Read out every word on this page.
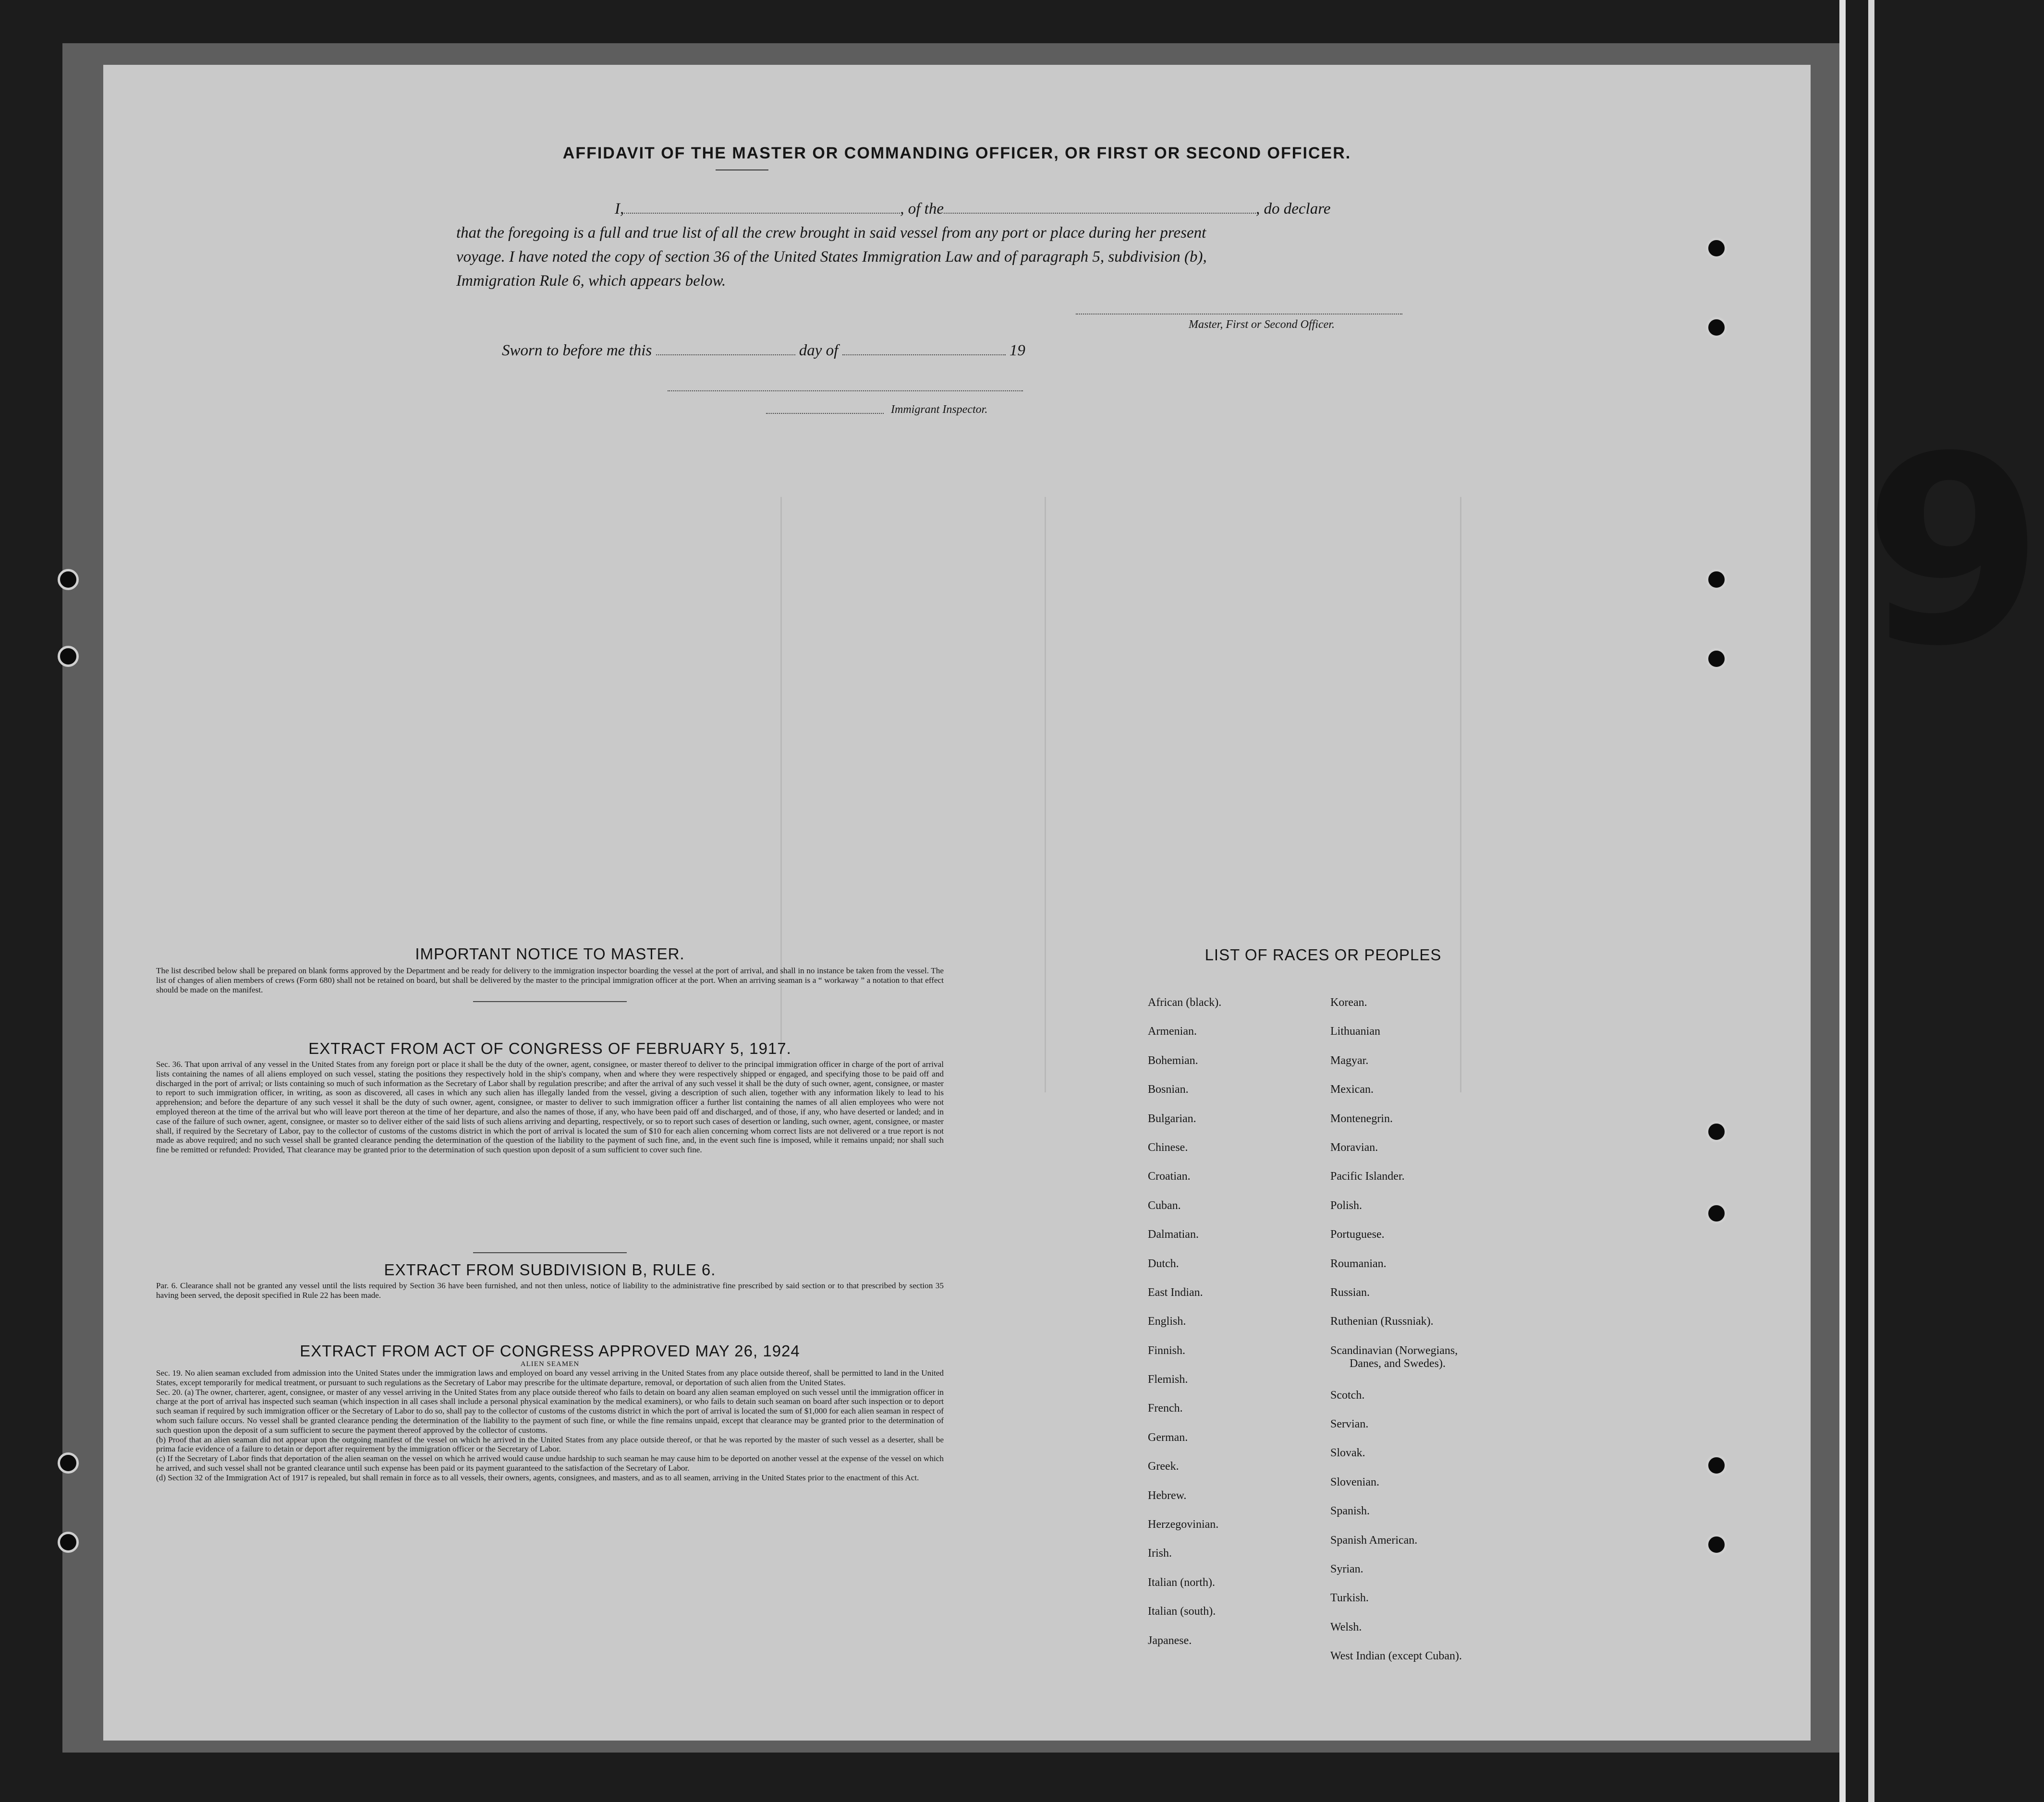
AFFIDAVIT OF THE MASTER OR COMMANDING OFFICER, OR FIRST OR SECOND OFFICER.
I,	, of the	, do declare
that the foregoing is a full and true list of all the crew brought in said vessel from any port or place during her present
voyage. I have noted the copy of section 36 of the United States Immigration Law and of paragraph 5, subdivision (b),
Immigration Rule 6, which appears below.
Master, First or Second Officer.
Sworn to before me this	day of	19
Immigrant Inspector.
IMPORTANT NOTICE TO MASTER.
The list described below shall be prepared on blank forms approved by the Department and be ready for delivery to the immigration inspector boarding the vessel at the port of arrival, and shall in no instance be taken from the vessel. The list of changes of alien members of crews (Form 680) shall not be retained on board, but shall be delivered by the master to the principal immigration officer at the port. When an arriving seaman is a “ workaway ” a notation to that effect should be made on the manifest.
EXTRACT FROM ACT OF CONGRESS OF FEBRUARY 5, 1917.
Sec. 36. That upon arrival of any vessel in the United States from any foreign port or place it shall be the duty of the owner, agent, consignee, or master thereof to deliver to the principal immigration officer in charge of the port of arrival lists containing the names of all aliens employed on such vessel, stating the positions they respectively hold in the ship's company, when and where they were respectively shipped or engaged, and specifying those to be paid off and discharged in the port of arrival; or lists containing so much of such information as the Secretary of Labor shall by regulation prescribe; and after the arrival of any such vessel it shall be the duty of such owner, agent, consignee, or master to report to such immigration officer, in writing, as soon as discovered, all cases in which any such alien has illegally landed from the vessel, giving a description of such alien, together with any information likely to lead to his apprehension; and before the departure of any such vessel it shall be the duty of such owner, agent, consignee, or master to deliver to such immigration officer a further list containing the names of all alien employees who were not employed thereon at the time of the arrival but who will leave port thereon at the time of her departure, and also the names of those, if any, who have been paid off and discharged, and of those, if any, who have deserted or landed; and in case of the failure of such owner, agent, consignee, or master so to deliver either of the said lists of such aliens arriving and departing, respectively, or so to report such cases of desertion or landing, such owner, agent, consignee, or master shall, if required by the Secretary of Labor, pay to the collector of customs of the customs district in which the port of arrival is located the sum of $10 for each alien concerning whom correct lists are not delivered or a true report is not made as above required; and no such vessel shall be granted clearance pending the determination of the question of the liability to the payment of such fine, and, in the event such fine is imposed, while it remains unpaid; nor shall such fine be remitted or refunded: Provided, That clearance may be granted prior to the determination of such question upon deposit of a sum sufficient to cover such fine.
EXTRACT FROM SUBDIVISION B, RULE 6.
Par. 6. Clearance shall not be granted any vessel until the lists required by Section 36 have been furnished, and not then unless, notice of liability to the administrative fine prescribed by said section or to that prescribed by section 35 having been served, the deposit specified in Rule 22 has been made.
EXTRACT FROM ACT OF CONGRESS APPROVED MAY 26, 1924
ALIEN SEAMEN
Sec. 19. No alien seaman excluded from admission into the United States under the immigration laws and employed on board any vessel arriving in the United States from any place outside thereof, shall be permitted to land in the United States, except temporarily for medical treatment, or pursuant to such regulations as the Secretary of Labor may prescribe for the ultimate departure, removal, or deportation of such alien from the United States.
Sec. 20. (a) The owner, charterer, agent, consignee, or master of any vessel arriving in the United States from any place outside thereof who fails to detain on board any alien seaman employed on such vessel until the immigration officer in charge at the port of arrival has inspected such seaman (which inspection in all cases shall include a personal physical examination by the medical examiners), or who fails to detain such seaman on board after such inspection or to deport such seaman if required by such immigration officer or the Secretary of Labor to do so, shall pay to the collector of customs of the customs district in which the port of arrival is located the sum of $1,000 for each alien seaman in respect of whom such failure occurs. No vessel shall be granted clearance pending the determination of the liability to the payment of such fine, or while the fine remains unpaid, except that clearance may be granted prior to the determination of such question upon the deposit of a sum sufficient to secure the payment thereof approved by the collector of customs.
(b) Proof that an alien seaman did not appear upon the outgoing manifest of the vessel on which he arrived in the United States from any place outside thereof, or that he was reported by the master of such vessel as a deserter, shall be prima facie evidence of a failure to detain or deport after requirement by the immigration officer or the Secretary of Labor.
(c) If the Secretary of Labor finds that deportation of the alien seaman on the vessel on which he arrived would cause undue hardship to such seaman he may cause him to be deported on another vessel at the expense of the vessel on which he arrived, and such vessel shall not be granted clearance until such expense has been paid or its payment guaranteed to the satisfaction of the Secretary of Labor.
(d) Section 32 of the Immigration Act of 1917 is repealed, but shall remain in force as to all vessels, their owners, agents, consignees, and masters, and as to all seamen, arriving in the United States prior to the enactment of this Act.
LIST OF RACES OR PEOPLES
African (black).
Armenian.
Bohemian.
Bosnian.
Bulgarian.
Chinese.
Croatian.
Cuban.
Dalmatian.
Dutch.
East Indian.
English.
Finnish.
Flemish.
French.
German.
Greek.
Hebrew.
Herzegovinian.
Irish.
Italian (north).
Italian (south).
Japanese.
Korean.
Lithuanian
Magyar.
Mexican.
Montenegrin.
Moravian.
Pacific Islander.
Polish.
Portuguese.
Roumanian.
Russian.
Ruthenian (Russniak).
Scandinavian (Norwegians,
Danes, and Swedes).
Scotch.
Servian.
Slovak.
Slovenian.
Spanish.
Spanish American.
Syrian.
Turkish.
Welsh.
West Indian (except Cuban).
9
